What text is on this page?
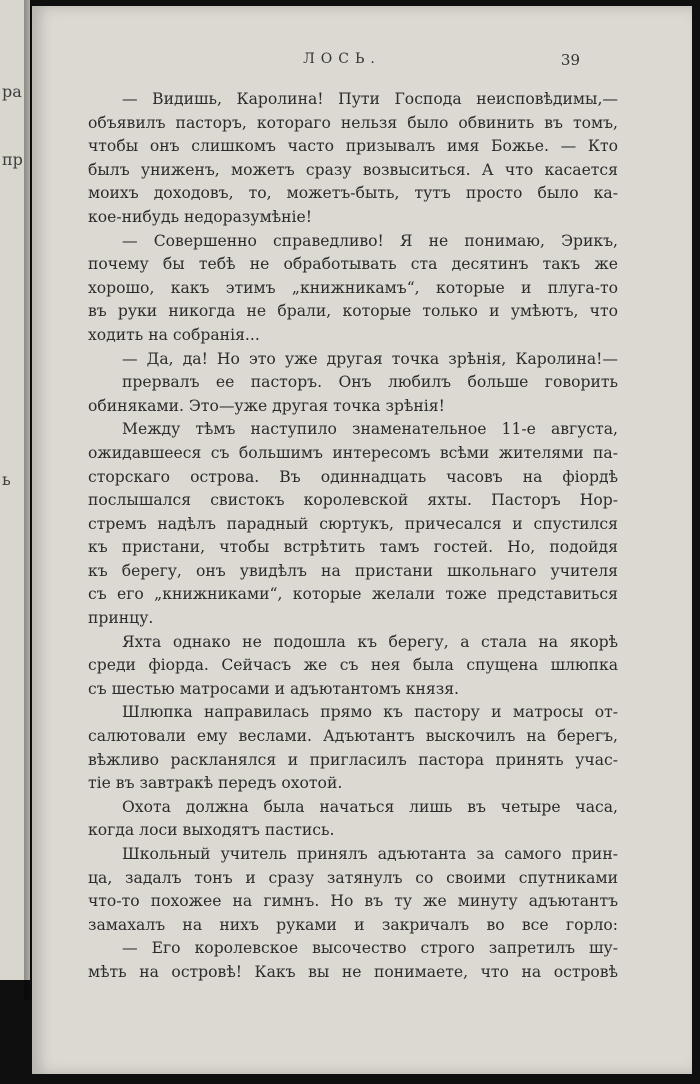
ра
пр
ь
ЛОСЬ.	39
— Видишь, Каролина! Пути Господа неисповѣдимы,—
объявилъ пасторъ, котораго нельзя было обвинить въ томъ,
чтобы онъ слишкомъ часто призывалъ имя Божье. — Кто
былъ униженъ, можетъ сразу возвыситься. А что касается
моихъ доходовъ, то, можетъ-быть, тутъ просто было ка-
кое-нибудь недоразумѣніе!
— Совершенно справедливо! Я не понимаю, Эрикъ,
почему бы тебѣ не обработывать ста десятинъ такъ же
хорошо, какъ этимъ „книжникамъ“, которые и плуга-то
въ руки никогда не брали, которые только и умѣютъ, что
ходить на собранія...
— Да, да! Но это уже другая точка зрѣнія, Каролина!—прервалъ ее пасторъ. Онъ любилъ больше говорить
обиняками. Это—уже другая точка зрѣнія!
Между тѣмъ наступило знаменательное 11-е августа,
ожидавшееся съ большимъ интересомъ всѣми жителями па-
сторскаго острова. Въ одиннадцать часовъ на фіордѣ
послышался свистокъ королевской яхты. Пасторъ Нор-
стремъ надѣлъ парадный сюртукъ, причесался и спустился
къ пристани, чтобы встрѣтить тамъ гостей. Но, подойдя
къ берегу, онъ увидѣлъ на пристани школьнаго учителя
съ его „книжниками“, которые желали тоже представиться
принцу.
Яхта однако не подошла къ берегу, а стала на якорѣ
среди фіорда. Сейчасъ же съ нея была спущена шлюпка
съ шестью матросами и адъютантомъ князя.
Шлюпка направилась прямо къ пастору и матросы от-
салютовали ему веслами. Адъютантъ выскочилъ на берегъ,
вѣжливо раскланялся и пригласилъ пастора принять учас-
тіе въ завтракѣ передъ охотой.
Охота должна была начаться лишь въ четыре часа,
когда лоси выходятъ пастись.
Школьный учитель принялъ адъютанта за самого прин-
ца, задалъ тонъ и сразу затянулъ со своими спутниками
что-то похожее на гимнъ. Но въ ту же минуту адъютантъ
замахалъ на нихъ руками и закричалъ во все горло:
— Его королевское высочество строго запретилъ шу-
мѣть на островѣ! Какъ вы не понимаете, что на островѣ
